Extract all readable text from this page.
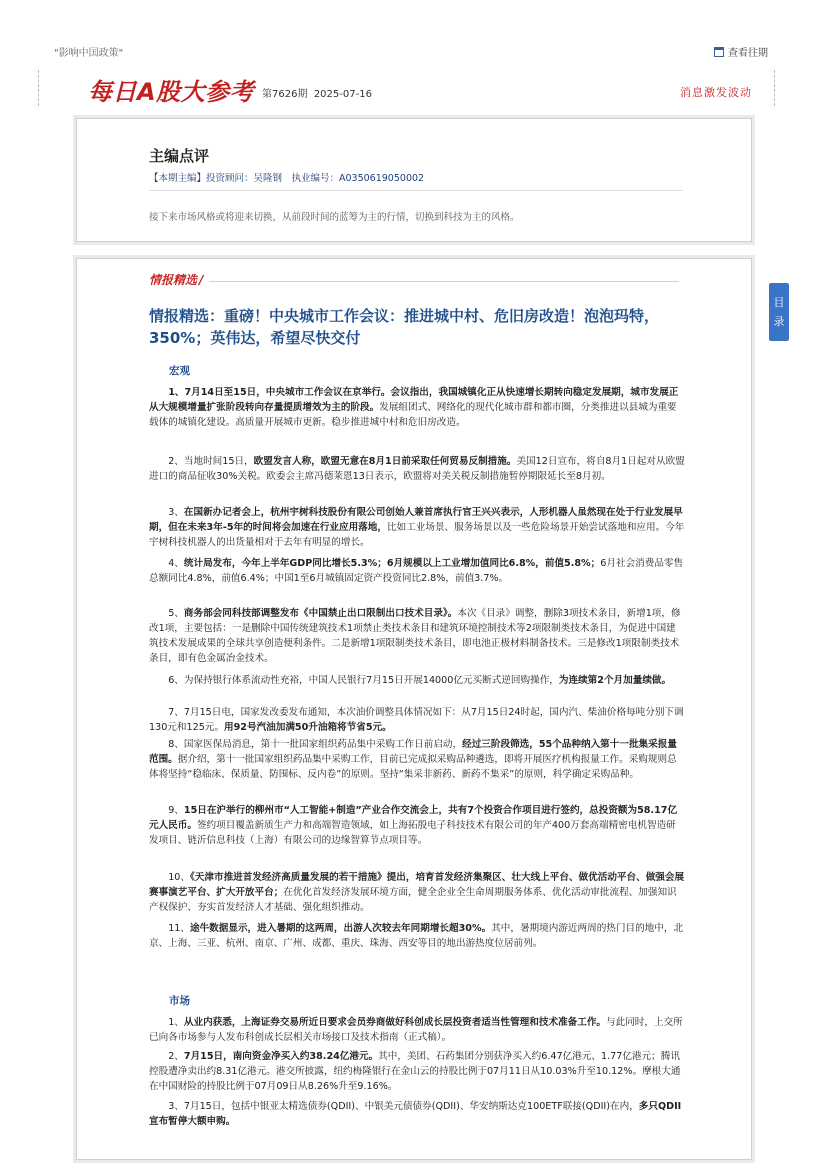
"影响中国政策"	查看往期
每日A股大参考 第7626期 2025-07-16	消息激发波动
目录
主编点评
【本期主编】投资顾问：吴隆钢　执业编号：A0350619050002
接下来市场风格或将迎来切换，从前段时间的蓝筹为主的行情，切换到科技为主的风格。
情报精选 /
情报精选：重磅！中央城市工作会议：推进城中村、危旧房改造！泡泡玛特，350%；英伟达，希望尽快交付
宏观
1、7月14日至15日，中央城市工作会议在京举行。会议指出，我国城镇化正从快速增长期转向稳定发展期，城市发展正从大规模增量扩张阶段转向存量提质增效为主的阶段。发展组团式、网络化的现代化城市群和都市圈，分类推进以县城为重要载体的城镇化建设。高质量开展城市更新。稳步推进城中村和危旧房改造。
2、当地时间15日，欧盟发言人称，欧盟无意在8月1日前采取任何贸易反制措施。美国12日宣布，将自8月1日起对从欧盟进口的商品征收30%关税。欧委会主席冯德莱恩13日表示，欧盟将对美关税反制措施暂停期限延长至8月初。
3、在国新办记者会上，杭州宇树科技股份有限公司创始人兼首席执行官王兴兴表示，人形机器人虽然现在处于行业发展早期，但在未来3年-5年的时间将会加速在行业应用落地，比如工业场景、服务场景以及一些危险场景开始尝试落地和应用。今年宇树科技机器人的出货量相对于去年有明显的增长。
4、统计局发布，今年上半年GDP同比增长5.3%；6月规模以上工业增加值同比6.8%，前值5.8%；6月社会消费品零售总额同比4.8%，前值6.4%；中国1至6月城镇固定资产投资同比2.8%，前值3.7%。
5、商务部会同科技部调整发布《中国禁止出口限制出口技术目录》。本次《目录》调整，删除3项技术条目，新增1项，修改1项，主要包括：一是删除中国传统建筑技术1项禁止类技术条目和建筑环境控制技术等2项限制类技术条目，为促进中国建筑技术发展成果的全球共享创造便利条件。二是新增1项限制类技术条目，即电池正极材料制备技术。三是修改1项限制类技术条目，即有色金属冶金技术。
6、为保持银行体系流动性充裕，中国人民银行7月15日开展14000亿元买断式逆回购操作，为连续第2个月加量续做。
7、7月15日电，国家发改委发布通知，本次油价调整具体情况如下：从7月15日24时起，国内汽、柴油价格每吨分别下调130元和125元。用92号汽油加满50升油箱将节省5元。
8、国家医保局消息，第十一批国家组织药品集中采购工作日前启动，经过三阶段筛选，55个品种纳入第十一批集采报量范围。据介绍，第十一批国家组织药品集中采购工作，目前已完成拟采购品种遴选，即将开展医疗机构报量工作。采购规则总体将坚持“稳临床、保质量、防围标、反内卷”的原则。坚持“集采非新药、新药不集采”的原则，科学确定采购品种。
9、15日在沪举行的柳州市“人工智能+制造”产业合作交流会上，共有7个投资合作项目进行签约，总投资额为58.17亿元人民币。签约项目覆盖新质生产力和高端智造领域，如上海拓殷电子科技技术有限公司的年产400万套高端精密电机智造研发项目、链沂信息科技（上海）有限公司的边缘智算节点项目等。
10、《天津市推进首发经济高质量发展的若干措施》提出，培育首发经济集聚区、壮大线上平台、做优活动平台、做强会展赛事演艺平台、扩大开放平台；在优化首发经济发展环境方面，健全企业全生命周期服务体系、优化活动审批流程、加强知识产权保护、夯实首发经济人才基础、强化组织推动。
11、途牛数据显示，进入暑期的这两周，出游人次较去年同期增长超30%。其中，暑期境内游近两周的热门目的地中，北京、上海、三亚、杭州、南京、广州、成都、重庆、珠海、西安等目的地出游热度位居前列。
市场
1、从业内获悉，上海证券交易所近日要求会员券商做好科创成长层投资者适当性管理和技术准备工作。与此同时，上交所已向各市场参与人发布科创成长层相关市场接口及技术指南（正式稿）。
2、7月15日，南向资金净买入约38.24亿港元。其中，美团、石药集团分别获净买入约6.47亿港元、1.77亿港元；腾讯控股遭净卖出约8.31亿港元。港交所披露，纽约梅隆银行在金山云的持股比例于07月11日从10.03%升至10.12%。摩根大通在中国财险的持股比例于07月09日从8.26%升至9.16%。
3、7月15日，包括中银亚太精选债券(QDII)、中银美元债债券(QDII)、华安纳斯达克100ETF联接(QDII)在内，多只QDII宣布暂停大额申购。
